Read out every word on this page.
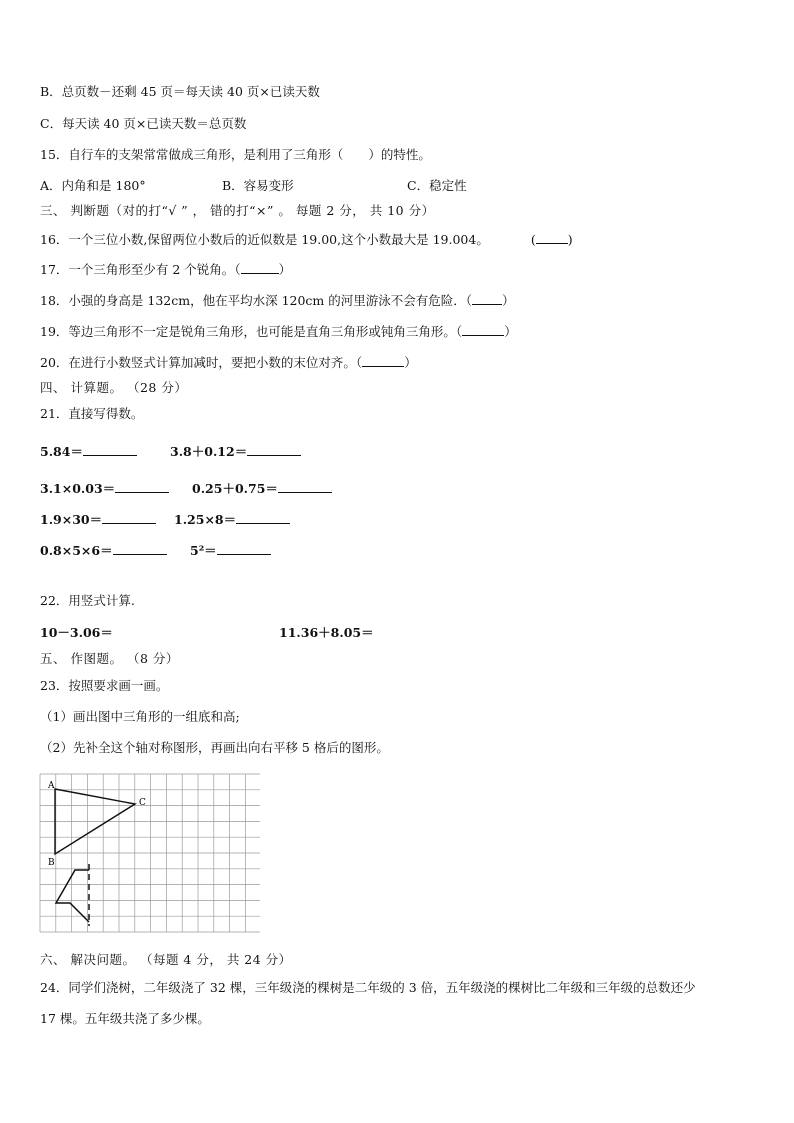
B．总页数－还剩 45 页＝每天读 40 页×已读天数
C．每天读 40 页×已读天数＝总页数
15．自行车的支架常常做成三角形，是利用了三角形（　　）的特性。
A．内角和是 180°	B．容易变形	C．稳定性
三、 判断题（对的打“√ ” ， 错的打“×” 。 每题 2 分， 共 10 分）
16．一个三位小数,保留两位小数后的近似数是 19.00,这个小数最大是 19.004。	(	)
17．一个三角形至少有 2 个锐角。（	）
18．小强的身高是 132cm，他在平均水深 120cm 的河里游泳不会有危险．（ ）
19．等边三角形不一定是锐角三角形，也可能是直角三角形或钝角三角形。（	）
20．在进行小数竖式计算加减时，要把小数的末位对齐。（	）
四、 计算题。 （28 分）
21．直接写得数。
5.84＝	3.8＋0.12＝
3.1×0.03＝	0.25＋0.75＝
1.9×30＝	1.25×8＝
0.8×5×6＝	5²＝
22．用竖式计算.
10－3.06＝	11.36＋8.05＝
五、 作图题。 （8 分）
23．按照要求画一画。
（1）画出图中三角形的一组底和高;
（2）先补全这个轴对称图形，再画出向右平移 5 格后的图形。
A
C
B
六、 解决问题。 （每题 4 分， 共 24 分）
24．同学们浇树，二年级浇了 32 棵，三年级浇的棵树是二年级的 3 倍，五年级浇的棵树比二年级和三年级的总数还少
17 棵。五年级共浇了多少棵。
